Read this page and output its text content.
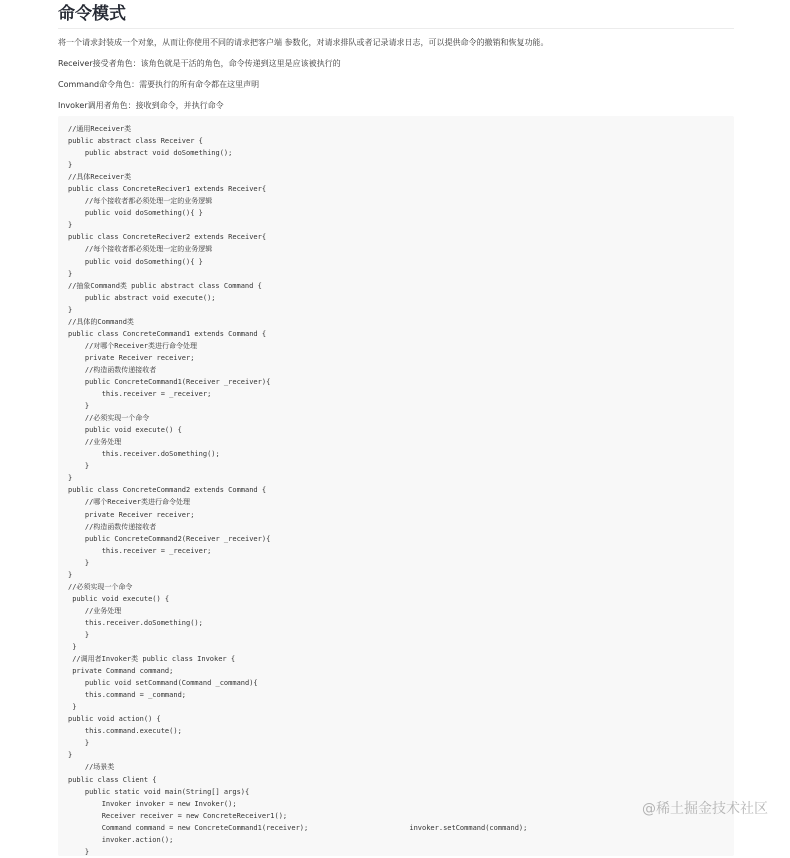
命令模式

将一个请求封装成一个对象，从而让你使用不同的请求把客户端 参数化，对请求排队或者记录请求日志，可以提供命令的撤销和恢复功能。

Receiver接受者角色：该角色就是干活的角色，命令传递到这里是应该被执行的

Command命令角色：需要执行的所有命令都在这里声明

Invoker调用者角色：接收到命令，并执行命令

//通用Receiver类
public abstract class Receiver {
public abstract void doSomething();
}
//具体Receiver类
public class ConcreteReciver1 extends Receiver{
//每个接收者都必须处理一定的业务逻辑
public void doSomething(){ }
}
public class ConcreteReciver2 extends Receiver{
//每个接收者都必须处理一定的业务逻辑
public void doSomething(){ }
}
//抽象Command类 public abstract class Command {
public abstract void execute();
}
//具体的Command类
public class ConcreteCommand1 extends Command {
//对哪个Receiver类进行命令处理
private Receiver receiver;
//构造函数传递接收者
public ConcreteCommand1(Receiver _receiver){
this.receiver = _receiver;
}
//必须实现一个命令
public void execute() {
//业务处理
this.receiver.doSomething();
}
}
public class ConcreteCommand2 extends Command {
//哪个Receiver类进行命令处理
private Receiver receiver;
//构造函数传递接收者
public ConcreteCommand2(Receiver _receiver){
this.receiver = _receiver;
}
}
//必须实现一个命令
public void execute() {
//业务处理
this.receiver.doSomething();
}
}
//调用者Invoker类 public class Invoker {
private Command command;
public void setCommand(Command _command){
this.command = _command;
}
public void action() {
this.command.execute();
}
}
//场景类
public class Client {
public static void main(String[] args){
Invoker invoker = new Invoker();
Receiver receiver = new ConcreteReceiver1();
Command command = new ConcreteCommand1(receiver);                        invoker.setCommand(command);
invoker.action();
}
@稀土掘金技术社区
